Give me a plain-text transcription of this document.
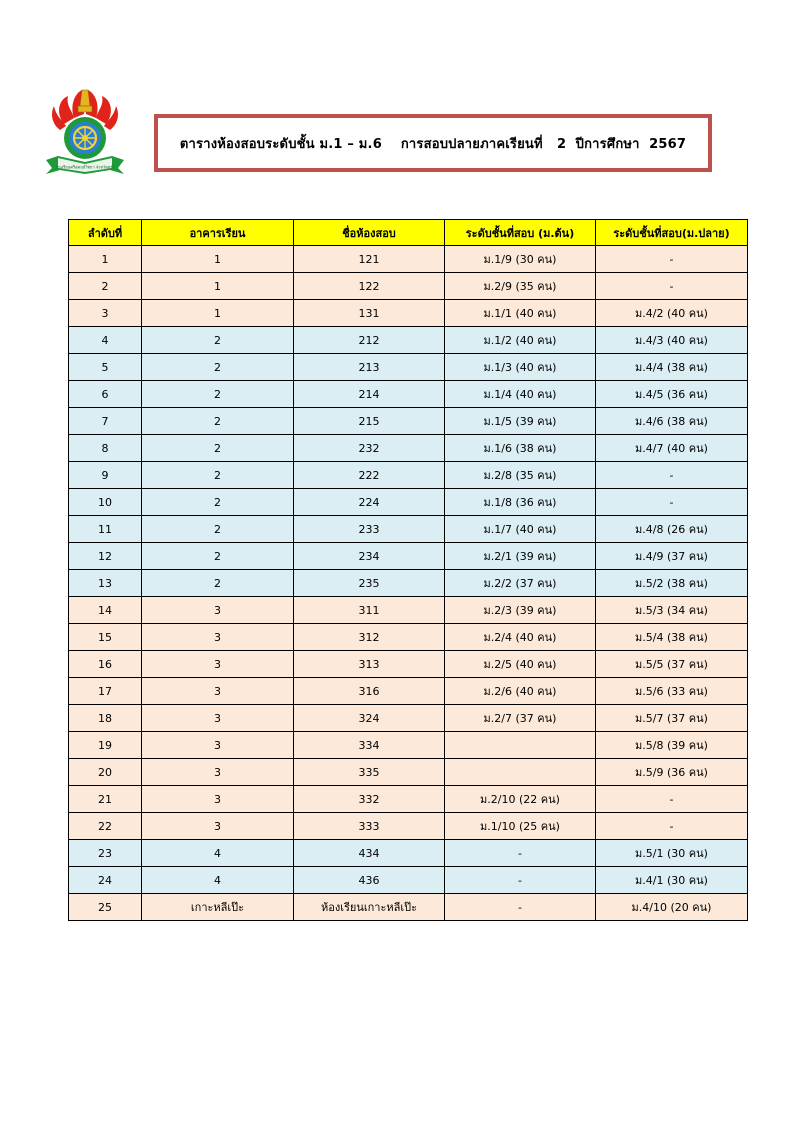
โรงเรียนศรีสุคนธ์วิทยา จังหวัดตรัง
ตารางห้องสอบระดับชั้น ม.1 – ม.6    การสอบปลายภาคเรียนที่   2  ปีการศึกษา  2567
ลำดับที่	อาคารเรียน	ชื่อห้องสอบ	ระดับชั้นที่สอบ (ม.ต้น)	ระดับชั้นที่สอบ(ม.ปลาย)
1	1	121	ม.1/9 (30 คน)	-
2	1	122	ม.2/9 (35 คน)	-
3	1	131	ม.1/1 (40 คน)	ม.4/2 (40 คน)
4	2	212	ม.1/2 (40 คน)	ม.4/3 (40 คน)
5	2	213	ม.1/3 (40 คน)	ม.4/4 (38 คน)
6	2	214	ม.1/4 (40 คน)	ม.4/5 (36 คน)
7	2	215	ม.1/5 (39 คน)	ม.4/6 (38 คน)
8	2	232	ม.1/6 (38 คน)	ม.4/7 (40 คน)
9	2	222	ม.2/8 (35 คน)	-
10	2	224	ม.1/8 (36 คน)	-
11	2	233	ม.1/7 (40 คน)	ม.4/8 (26 คน)
12	2	234	ม.2/1 (39 คน)	ม.4/9 (37 คน)
13	2	235	ม.2/2 (37 คน)	ม.5/2 (38 คน)
14	3	311	ม.2/3 (39 คน)	ม.5/3 (34 คน)
15	3	312	ม.2/4 (40 คน)	ม.5/4 (38 คน)
16	3	313	ม.2/5 (40 คน)	ม.5/5 (37 คน)
17	3	316	ม.2/6 (40 คน)	ม.5/6 (33 คน)
18	3	324	ม.2/7 (37 คน)	ม.5/7 (37 คน)
19	3	334		ม.5/8 (39 คน)
20	3	335		ม.5/9 (36 คน)
21	3	332	ม.2/10 (22 คน)	-
22	3	333	ม.1/10 (25 คน)	-
23	4	434	-	ม.5/1 (30 คน)
24	4	436	-	ม.4/1 (30 คน)
25	เกาะหลีเป๊ะ	ห้องเรียนเกาะหลีเป๊ะ	-	ม.4/10 (20 คน)
